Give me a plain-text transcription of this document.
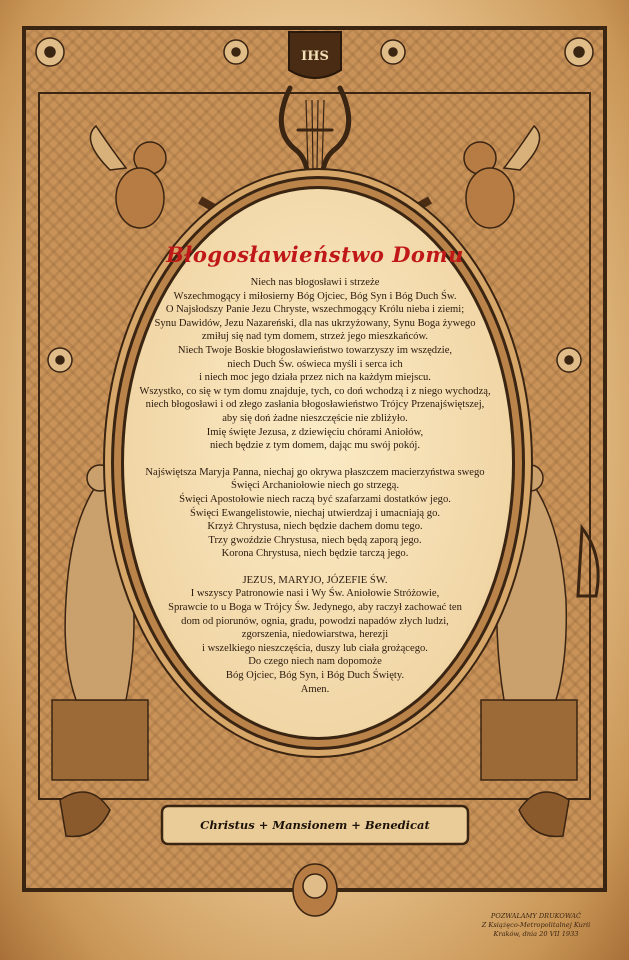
IHS
Błogosławieństwo Domu
Niech nas błogosławi i strzeże
Wszechmogący i miłosierny Bóg Ojciec, Bóg Syn i Bóg Duch Św.
O Najsłodszy Panie Jezu Chryste, wszechmogący Królu nieba i ziemi;
Synu Dawidów, Jezu Nazareński, dla nas ukrzyżowany, Synu Boga żywego
zmiłuj się nad tym domem, strzeż jego mieszkańców.
Niech Twoje Boskie błogosławieństwo towarzyszy im wszędzie,
niech Duch Św. oświeca myśli i serca ich
i niech moc jego działa przez nich na każdym miejscu.
Wszystko, co się w tym domu znajduje, tych, co doń wchodzą i z niego wychodzą,
niech błogosławi i od złego zasłania błogosławieństwo Trójcy Przenajświętszej,
aby się doń żadne nieszczęście nie zbliżyło.
Imię święte Jezusa, z dziewięciu chórami Aniołów,
niech będzie z tym domem, dając mu swój pokój.
Najświętsza Maryja Panna, niechaj go okrywa płaszczem macierzyństwa swego
Święci Archaniołowie niech go strzegą.
Święci Apostołowie niech raczą być szafarzami dostatków jego.
Święci Ewangelistowie, niechaj utwierdzaj i umacniają go.
Krzyż Chrystusa, niech będzie dachem domu tego.
Trzy gwoździe Chrystusa, niech będą zaporą jego.
Korona Chrystusa, niech będzie tarczą jego.
JEZUS, MARYJO, JÓZEFIE ŚW.
I wszyscy Patronowie nasi i Wy Św. Aniołowie Stróżowie,
Sprawcie to u Boga w Trójcy Św. Jedynego, aby raczył zachować ten
dom od piorunów, ognia, gradu, powodzi napadów złych ludzi,
zgorszenia, niedowiarstwa, herezji
i wszelkiego nieszczęścia, duszy lub ciała grożącego.
Do czego niech nam dopomoże
Bóg Ojciec, Bóg Syn, i Bóg Duch Święty.
Amen.
Christus + Mansionem + Benedicat
POZWALAMY DRUKOWAĆ
Z Książęco-Metropolitalnej Kurii
Kraków, dnia 20 VII 1933
